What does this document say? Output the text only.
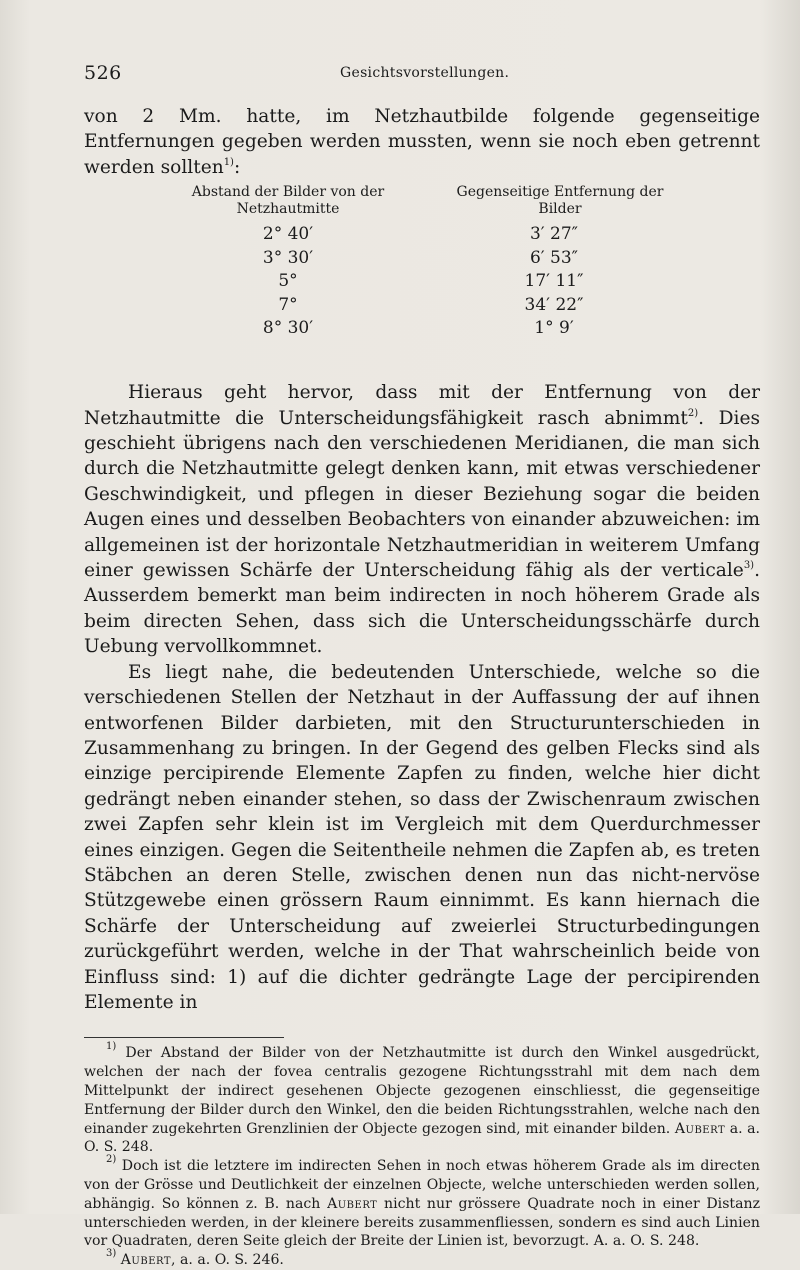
526	Gesichtsvorstellungen.

von 2 Mm. hatte, im Netzhautbilde folgende gegenseitige Entfernungen gegeben werden mussten, wenn sie noch eben getrennt werden sollten$^{1)}$:

Abstand der Bilder von der Netzhautmitte
Gegenseitige Entfernung der Bilder
2° 40′	3′ 27″
3° 30′	6′ 53″
5°	17′ 11″
7°	34′ 22″
8° 30′	1° 9′

Hieraus geht hervor, dass mit der Entfernung von der Netzhautmitte die Unterscheidungsfähigkeit rasch abnimmt$^{2)}$. Dies geschieht übrigens nach den verschiedenen Meridianen, die man sich durch die Netzhautmitte gelegt denken kann, mit etwas verschiedener Geschwindigkeit, und pflegen in dieser Beziehung sogar die beiden Augen eines und desselben Beobachters von einander abzuweichen: im allgemeinen ist der horizontale Netzhautmeridian in weiterem Umfang einer gewissen Schärfe der Unterscheidung fähig als der verticale$^{3)}$. Ausserdem bemerkt man beim indirecten in noch höherem Grade als beim directen Sehen, dass sich die Unterscheidungsschärfe durch Uebung vervollkommnet.

Es liegt nahe, die bedeutenden Unterschiede, welche so die verschiedenen Stellen der Netzhaut in der Auffassung der auf ihnen entworfenen Bilder darbieten, mit den Structurunterschieden in Zusammenhang zu bringen. In der Gegend des gelben Flecks sind als einzige percipirende Elemente Zapfen zu finden, welche hier dicht gedrängt neben einander stehen, so dass der Zwischenraum zwischen zwei Zapfen sehr klein ist im Vergleich mit dem Querdurchmesser eines einzigen. Gegen die Seitentheile nehmen die Zapfen ab, es treten Stäbchen an deren Stelle, zwischen denen nun das nicht-nervöse Stützgewebe einen grössern Raum einnimmt. Es kann hiernach die Schärfe der Unterscheidung auf zweierlei Structurbedingungen zurückgeführt werden, welche in der That wahrscheinlich beide von Einfluss sind: 1) auf die dichter gedrängte Lage der percipirenden Elemente in

$^{1)}$ Der Abstand der Bilder von der Netzhautmitte ist durch den Winkel ausgedrückt, welchen der nach der fovea centralis gezogene Richtungsstrahl mit dem nach dem Mittelpunkt der indirect gesehenen Objecte gezogenen einschliesst, die gegenseitige Entfernung der Bilder durch den Winkel, den die beiden Richtungsstrahlen, welche nach den einander zugekehrten Grenzlinien der Objecte gezogen sind, mit einander bilden. Aubert a. a. O. S. 248.

$^{2)}$ Doch ist die letztere im indirecten Sehen in noch etwas höherem Grade als im directen von der Grösse und Deutlichkeit der einzelnen Objecte, welche unterschieden werden sollen, abhängig. So können z. B. nach Aubert nicht nur grössere Quadrate noch in einer Distanz unterschieden werden, in der kleinere bereits zusammenfliessen, sondern es sind auch Linien vor Quadraten, deren Seite gleich der Breite der Linien ist, bevorzugt. A. a. O. S. 248.

$^{3)}$ Aubert, a. a. O. S. 246.
